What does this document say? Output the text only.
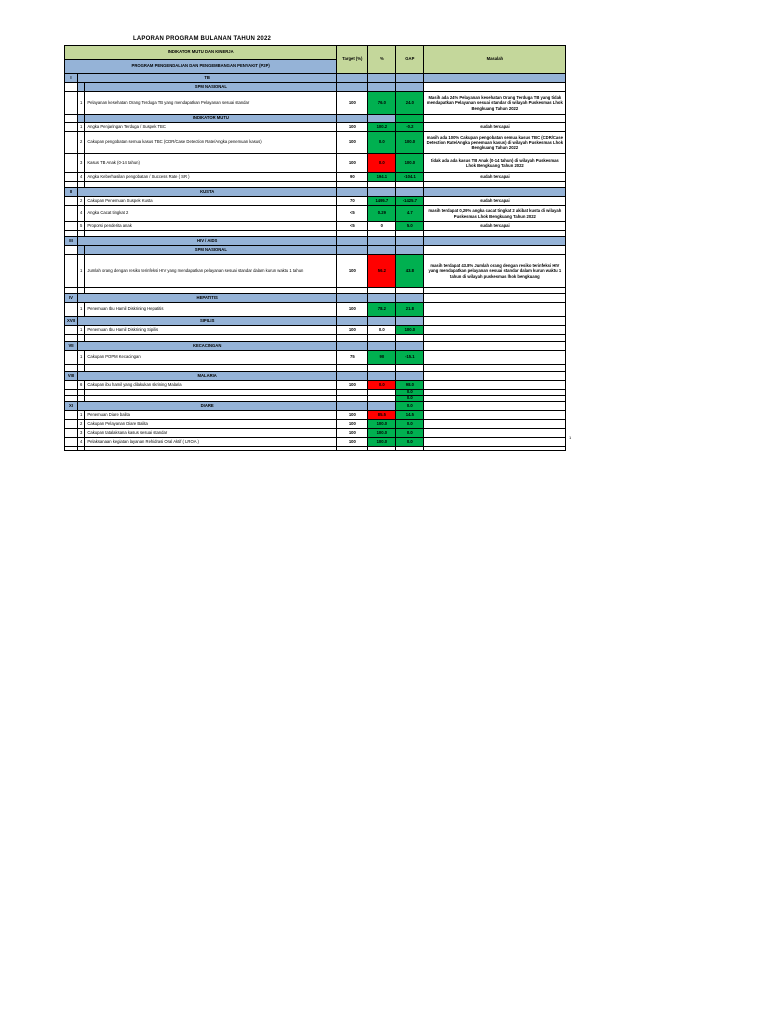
LAPORAN PROGRAM BULANAN TAHUN 2022
INDIKATOR MUTU DAN KINERJA			Target (%)	%	GAP	Masalah
PROGRAM PENGENDALIAN DAN PENGEMBANGAN PENYAKIT (P2P)						
I	TB					
		SPM NASIONAL				
	1	Pelayanan kesehatan Orang Terduga TB yang mendapatkan Pelayanan sesuai standar	100	76.0	24.0	Masih ada 24% Pelayanan kesehatan Orang Terduga TB yang tidak mendapatkan Pelayanan sesuai standar di wilayah Puskesmas Lhok Bengkuang Tahun 2022
		INDIKATOR MUTU				
	1	Angka Penjaringan Terduga / Suspek TBC	100	100.2	-0.2	sudah tercapai
	2	Cakupan pengobatan semua kasus TBC (CDR/Case Detection Rate/Angka penemuan kasus)	100	0.0	100.0	masih ada 100% Cakupan pengobatan semua kasus TBC (CDR/Case Detection Rate/Angka penemuan kasus) di wilayah Puskesmas Lhok Bengkuang Tahun 2022
	3	Kasus TB Anak (0-14 tahun)	100	0.0	100.0	tidak ada ada kasus TB Anak (0-14 tahun) di wilayah Puskesmas Lhok Bengkuang Tahun 2022
	4	Angka Keberhasilan pengobatan / Success Rate ( SR )	90	194.1	-104.1	sudah tercapai

II	KUSTA					
	2	Cakupan Penemuan Suspek Kusta	70	1495.7	-1425.7	sudah tercapai
	4	Angka Cacat tingkat 2	<5	0.29	4.7	masih terdapat 0,29% angka cacat tingkat 2 akibat kusta di wilayah Puskesmas Lhok Bengkuang Tahun 2022
	5	Proporsi penderita anak	<5	0	5.0	sudah tercapai

III	HIV / AIDS					
		SPM NASIONAL				
	1	Jumlah orang dengan resiko terinfeksi HIV yang mendapatkan pelayanan sesuai standar dalam kurun waktu 1 tahun	100	56.2	43.8	masih terdapat 43.8% Jumlah orang dengan resiko terinfeksi HIV yang mendapatkan pelayanan sesuai standar dalam kurun waktu 1 tahun di wilayah puskesmas lhok bengkuang

IV	HEPATITIS					
	1	Penemuan Ibu Hamil Diskrining Hepatitis	100	78.2	21.8	
XVII	SIPILIS					
	1	Penemuan Ibu Hamil Diskrining Sipilis	100	0.0	100.0	

VII	KECACINGAN					
	1	Cakupan POPM Kecacingan	75	90	-15.1	

VIII	MALARIA					
	6	Cakupan ibu hamil yang dilakukan skrining Malaria	100	0.0	98.0	
					0.0	
					0.0	
XI	DIARE				0.0	
	1	Penemuan Diare balita	100	85.5	14.5	
	2	Cakupan Pelayanan Diare Balita	100	100.0	0.0	
	3	Cakupan tatalaksana kasus sesuai standar	100	100.0	0.0	
	4	Pelaksanaan kegiatan layanan Rehidrasi Oral Aktif ( LROA )	100	100.0	0.0	

1
